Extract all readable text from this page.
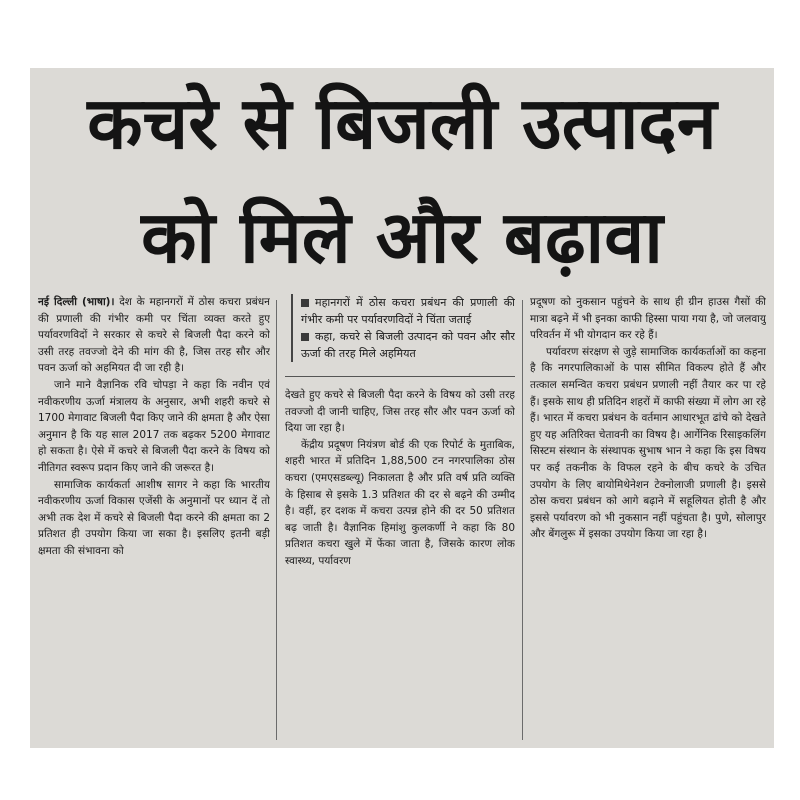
कचरे से बिजली उत्पादन
को मिले और बढ़ावा

नई दिल्ली (भाषा)। देश के महानगरों में ठोस कचरा प्रबंधन की प्रणाली की गंभीर कमी पर चिंता व्यक्त करते हुए पर्यावरणविदों ने सरकार से कचरे से बिजली पैदा करने को उसी तरह तवज्जो देने की मांग की है, जिस तरह सौर और पवन ऊर्जा को अहमियत दी जा रही है।

जाने माने वैज्ञानिक रवि चोपड़ा ने कहा कि नवीन एवं नवीकरणीय ऊर्जा मंत्रालय के अनुसार, अभी शहरी कचरे से 1700 मेगावाट बिजली पैदा किए जाने की क्षमता है और ऐसा अनुमान है कि यह साल 2017 तक बढ़कर 5200 मेगावाट हो सकता है। ऐसे में कचरे से बिजली पैदा करने के विषय को नीतिगत स्वरूप प्रदान किए जाने की जरूरत है।

सामाजिक कार्यकर्ता आशीष सागर ने कहा कि भारतीय नवीकरणीय ऊर्जा विकास एजेंसी के अनुमानों पर ध्यान दें तो अभी तक देश में कचरे से बिजली पैदा करने की क्षमता का 2 प्रतिशत ही उपयोग किया जा सका है। इसलिए इतनी बड़ी क्षमता की संभावना को

महानगरों में ठोस कचरा प्रबंधन की प्रणाली की गंभीर कमी पर पर्यावरणविदों ने चिंता जताई
कहा, कचरे से बिजली उत्पादन को पवन और सौर ऊर्जा की तरह मिले अहमियत

देखते हुए कचरे से बिजली पैदा करने के विषय को उसी तरह तवज्जो दी जानी चाहिए, जिस तरह सौर और पवन ऊर्जा को दिया जा रहा है।

केंद्रीय प्रदूषण नियंत्रण बोर्ड की एक रिपोर्ट के मुताबिक, शहरी भारत में प्रतिदिन 1,88,500 टन नगरपालिका ठोस कचरा (एमएसडब्ल्यू) निकालता है और प्रति वर्ष प्रति व्यक्ति के हिसाब से इसके 1.3 प्रतिशत की दर से बढ़ने की उम्मीद है। वहीं, हर दशक में कचरा उत्पन्न होने की दर 50 प्रतिशत बढ़ जाती है। वैज्ञानिक हिमांशु कुलकर्णी ने कहा कि 80 प्रतिशत कचरा खुले में फेंका जाता है, जिसके कारण लोक स्वास्थ्य, पर्यावरण

प्रदूषण को नुकसान पहुंचने के साथ ही ग्रीन हाउस गैसों की मात्रा बढ़ने में भी इनका काफी हिस्सा पाया गया है, जो जलवायु परिवर्तन में भी योगदान कर रहे हैं।

पर्यावरण संरक्षण से जुड़े सामाजिक कार्यकर्ताओं का कहना है कि नगरपालिकाओं के पास सीमित विकल्प होते हैं और तत्काल समन्वित कचरा प्रबंधन प्रणाली नहीं तैयार कर पा रहे हैं। इसके साथ ही प्रतिदिन शहरों में काफी संख्या में लोग आ रहे हैं। भारत में कचरा प्रबंधन के वर्तमान आधारभूत ढांचे को देखते हुए यह अतिरिक्त चेतावनी का विषय है। आर्गेनिक रिसाइकलिंग सिस्टम संस्थान के संस्थापक सुभाष भान ने कहा कि इस विषय पर कई तकनीक के विफल रहने के बीच कचरे के उचित उपयोग के लिए बायोमिथेनेशन टेक्नोलाजी प्रणाली है। इससे ठोस कचरा प्रबंधन को आगे बढ़ाने में सहूलियत होती है और इससे पर्यावरण को भी नुकसान नहीं पहुंचता है। पुणे, सोलापुर और बेंगलुरू में इसका उपयोग किया जा रहा है।
